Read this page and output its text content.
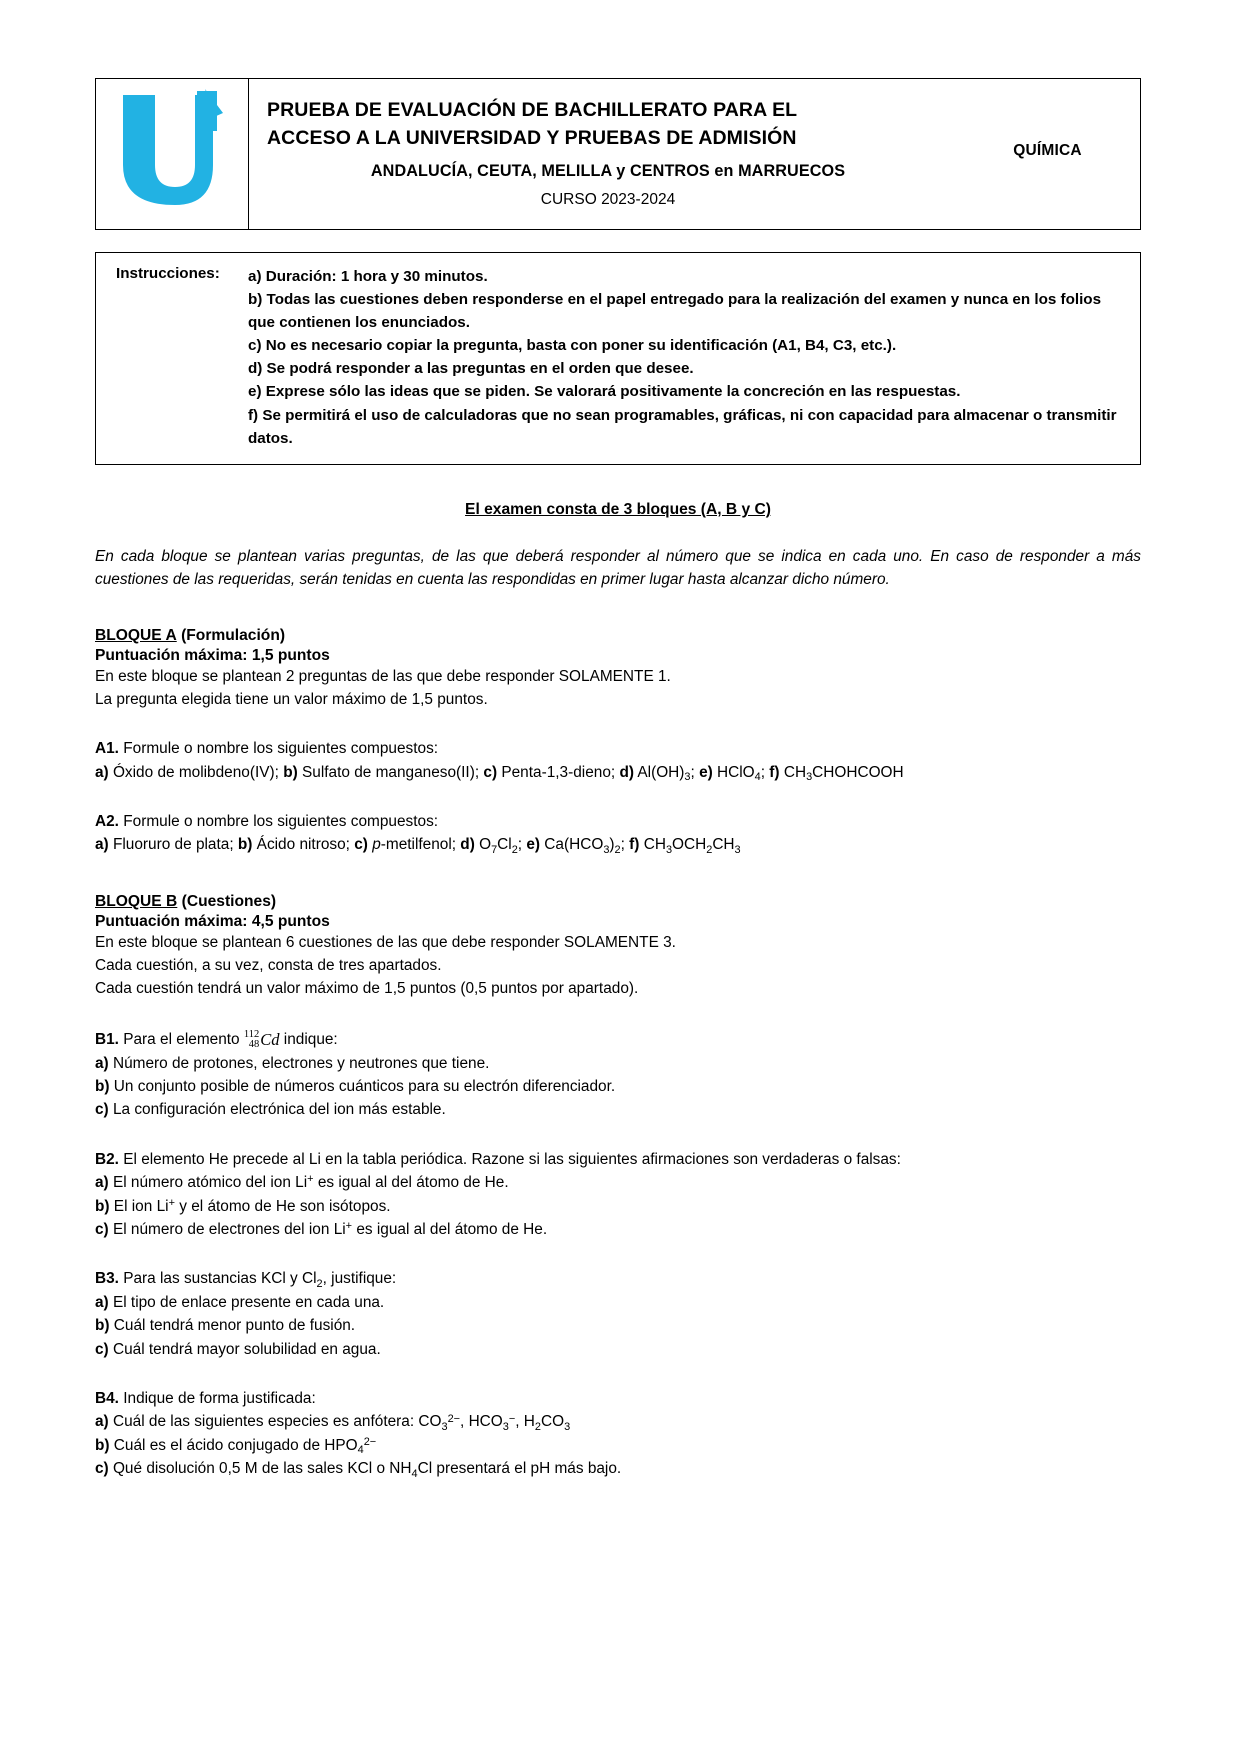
PRUEBA DE EVALUACIÓN DE BACHILLERATO PARA EL
ACCESO A LA UNIVERSIDAD Y PRUEBAS DE ADMISIÓN
ANDALUCÍA, CEUTA, MELILLA y CENTROS en MARRUECOS
CURSO 2023-2024
QUÍMICA
Instrucciones:	a) Duración: 1 hora y 30 minutos.
b) Todas las cuestiones deben responderse en el papel entregado para la realización del examen y nunca en los folios que contienen los enunciados.
c) No es necesario copiar la pregunta, basta con poner su identificación (A1, B4, C3, etc.).
d) Se podrá responder a las preguntas en el orden que desee.
e) Exprese sólo las ideas que se piden. Se valorará positivamente la concreción en las respuestas.
f) Se permitirá el uso de calculadoras que no sean programables, gráficas, ni con capacidad para almacenar o transmitir datos.
El examen consta de 3 bloques (A, B y C)
En cada bloque se plantean varias preguntas, de las que deberá responder al número que se indica en cada uno. En caso de responder a más cuestiones de las requeridas, serán tenidas en cuenta las respondidas en primer lugar hasta alcanzar dicho número.
BLOQUE A (Formulación)
Puntuación máxima: 1,5 puntos
En este bloque se plantean 2 preguntas de las que debe responder SOLAMENTE 1.
La pregunta elegida tiene un valor máximo de 1,5 puntos.
A1. Formule o nombre los siguientes compuestos:
a) Óxido de molibdeno(IV); b) Sulfato de manganeso(II); c) Penta-1,3-dieno; d) $Al(OH)_3$; e) HClO$_4$; f) $CH_3CHOHCOOH$
A2. Formule o nombre los siguientes compuestos:
a) Fluoruro de plata; b) Ácido nitroso; c) p-metilfenol; d) $O_7Cl_2$; e) $Ca(HCO_3)_2$; f) $CH_3OCH_2CH_3$
BLOQUE B (Cuestiones)
Puntuación máxima: 4,5 puntos
En este bloque se plantean 6 cuestiones de las que debe responder SOLAMENTE 3.
Cada cuestión, a su vez, consta de tres apartados.
Cada cuestión tendrá un valor máximo de 1,5 puntos (0,5 puntos por apartado).
B1. Para el elemento 112
48 Cd indique:
a) Número de protones, electrones y neutrones que tiene.
b) Un conjunto posible de números cuánticos para su electrón diferenciador.
c) La configuración electrónica del ion más estable.
B2. El elemento He precede al Li en la tabla periódica. Razone si las siguientes afirmaciones son verdaderas o falsas:
a) El número atómico del ion Li+ es igual al del átomo de He.
b) El ion Li+ y el átomo de He son isótopos.
c) El número de electrones del ion Li+ es igual al del átomo de He.
B3. Para las sustancias KCl y $Cl_2$, justifique:
a) El tipo de enlace presente en cada una.
b) Cuál tendrá menor punto de fusión.
c) Cuál tendrá mayor solubilidad en agua.
B4. Indique de forma justificada:
a) Cuál de las siguientes especies es anfótera: $CO_3^{2-}$, $HCO_3^-$, $H_2CO_3$
b) Cuál es el ácido conjugado de $HPO_4^{2-}$
c) Qué disolución 0,5 M de las sales KCl o $NH_4Cl$ presentará el pH más bajo.
